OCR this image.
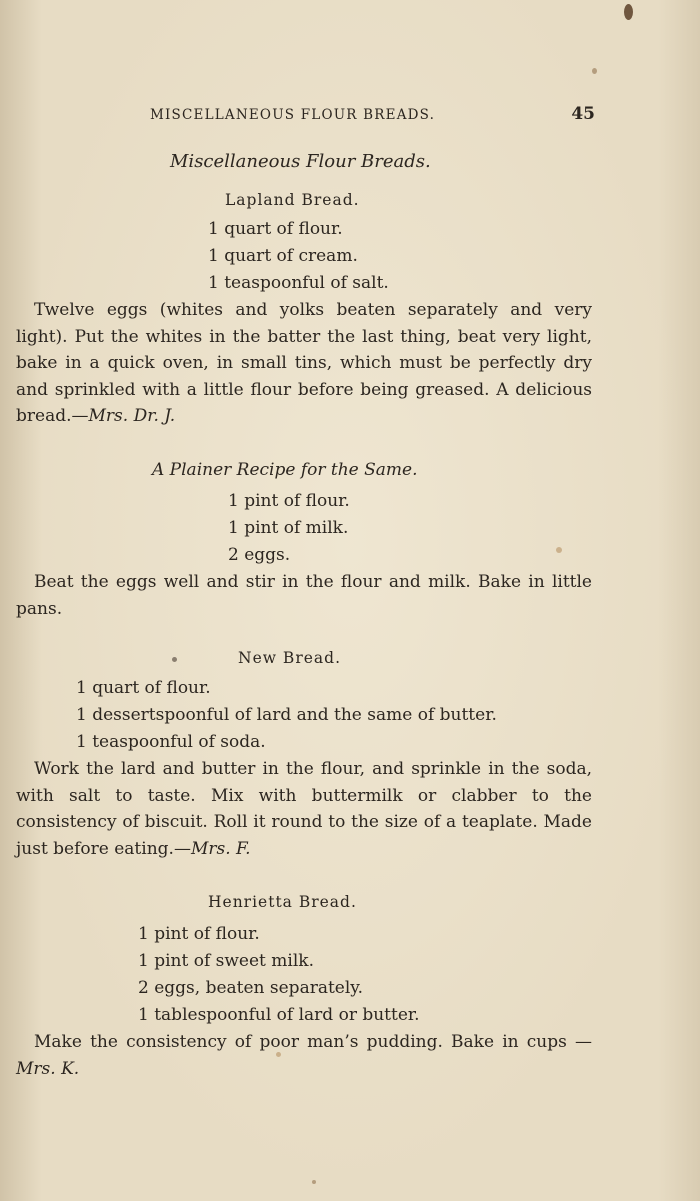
MISCELLANEOUS FLOUR BREADS.	45
Miscellaneous Flour Breads.
Lapland Bread.
1 quart of flour.
1 quart of cream.
1 teaspoonful of salt.
Twelve eggs (whites and yolks beaten separately and very light). Put the whites in the batter the last thing, beat very light, bake in a quick oven, in small tins, which must be perfectly dry and sprinkled with a little flour before being greased. A delicious bread.—Mrs. Dr. J.
A Plainer Recipe for the Same.
1 pint of flour.
1 pint of milk.
2 eggs.
Beat the eggs well and stir in the flour and milk. Bake in little pans.
New Bread.
1 quart of flour.
1 dessertspoonful of lard and the same of butter.
1 teaspoonful of soda.
Work the lard and butter in the flour, and sprinkle in the soda, with salt to taste. Mix with buttermilk or clabber to the consistency of biscuit. Roll it round to the size of a teaplate. Made just before eating.—Mrs. F.
Henrietta Bread.
1 pint of flour.
1 pint of sweet milk.
2 eggs, beaten separately.
1 tablespoonful of lard or butter.
Make the consistency of poor man’s pudding. Bake in cups —Mrs. K.
